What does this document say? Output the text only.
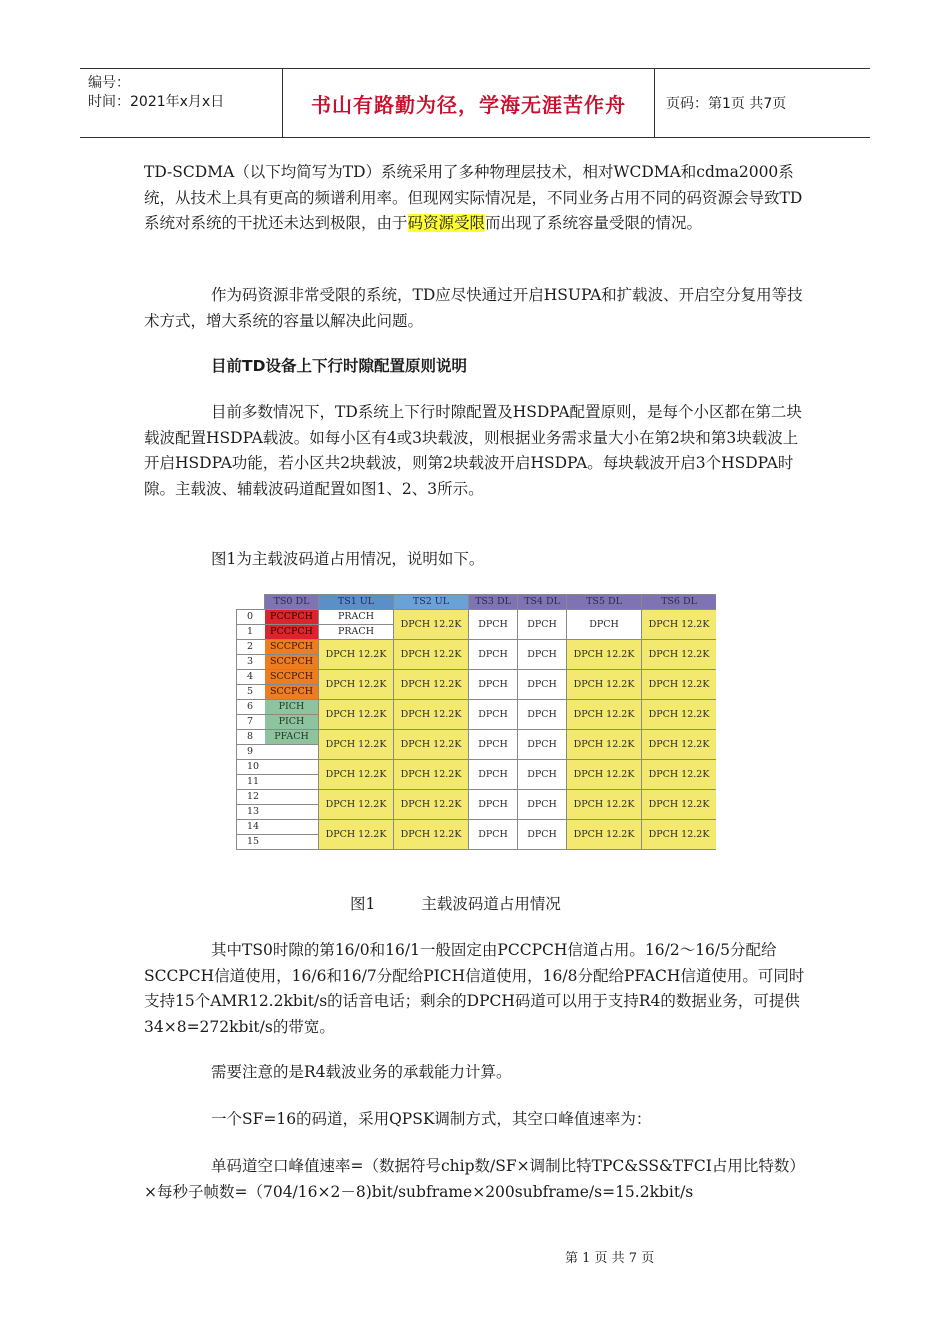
编号：
时间：2021年x月x日	书山有路勤为径，学海无涯苦作舟	页码：第1页 共7页

TD-SCDMA（以下均简写为TD）系统采用了多种物理层技术，相对WCDMA和cdma2000系统，从技术上具有更高的频谱利用率。但现网实际情况是，不同业务占用不同的码资源会导致TD系统对系统的干扰还未达到极限，由于码资源受限而出现了系统容量受限的情况。

作为码资源非常受限的系统，TD应尽快通过开启HSUPA和扩载波、开启空分复用等技术方式，增大系统的容量以解决此问题。

目前TD设备上下行时隙配置原则说明

目前多数情况下，TD系统上下行时隙配置及HSDPA配置原则，是每个小区都在第二块载波配置HSDPA载波。如每小区有4或3块载波，则根据业务需求量大小在第2块和第3块载波上开启HSDPA功能，若小区共2块载波，则第2块载波开启HSDPA。每块载波开启3个HSDPA时隙。主载波、辅载波码道配置如图1、2、3所示。

图1为主载波码道占用情况，说明如下。

	TS0 DL	TS1 UL	TS2 UL	TS3 DL	TS4 DL	TS5 DL	TS6 DL
0	PCCPCH	PRACH	DPCH 12.2K	DPCH	DPCH	DPCH	DPCH 12.2K
1	PCCPCH	PRACH					
2	SCCPCH	DPCH 12.2K	DPCH 12.2K	DPCH	DPCH	DPCH 12.2K	DPCH 12.2K
3	SCCPCH						
4	SCCPCH	DPCH 12.2K	DPCH 12.2K	DPCH	DPCH	DPCH 12.2K	DPCH 12.2K
5	SCCPCH						
6	PICH	DPCH 12.2K	DPCH 12.2K	DPCH	DPCH	DPCH 12.2K	DPCH 12.2K
7	PICH						
8	PFACH	DPCH 12.2K	DPCH 12.2K	DPCH	DPCH	DPCH 12.2K	DPCH 12.2K
9							
10		DPCH 12.2K	DPCH 12.2K	DPCH	DPCH	DPCH 12.2K	DPCH 12.2K
11							
12		DPCH 12.2K	DPCH 12.2K	DPCH	DPCH	DPCH 12.2K	DPCH 12.2K
13							
14		DPCH 12.2K	DPCH 12.2K	DPCH	DPCH	DPCH 12.2K	DPCH 12.2K
15							
图1	主载波码道占用情况

其中TS0时隙的第16/0和16/1一般固定由PCCPCH信道占用。16/2～16/5分配给SCCPCH信道使用，16/6和16/7分配给PICH信道使用，16/8分配给PFACH信道使用。可同时支持15个AMR12.2kbit/s的话音电话；剩余的DPCH码道可以用于支持R4的数据业务，可提供34×8=272kbit/s的带宽。

需要注意的是R4载波业务的承载能力计算。

一个SF=16的码道，采用QPSK调制方式，其空口峰值速率为：

单码道空口峰值速率=（数据符号chip数/SF×调制比特TPC&SS&TFCI占用比特数）×每秒子帧数=（704/16×2－8)bit/subframe×200subframe/s=15.2kbit/s

第 1 页 共 7 页
